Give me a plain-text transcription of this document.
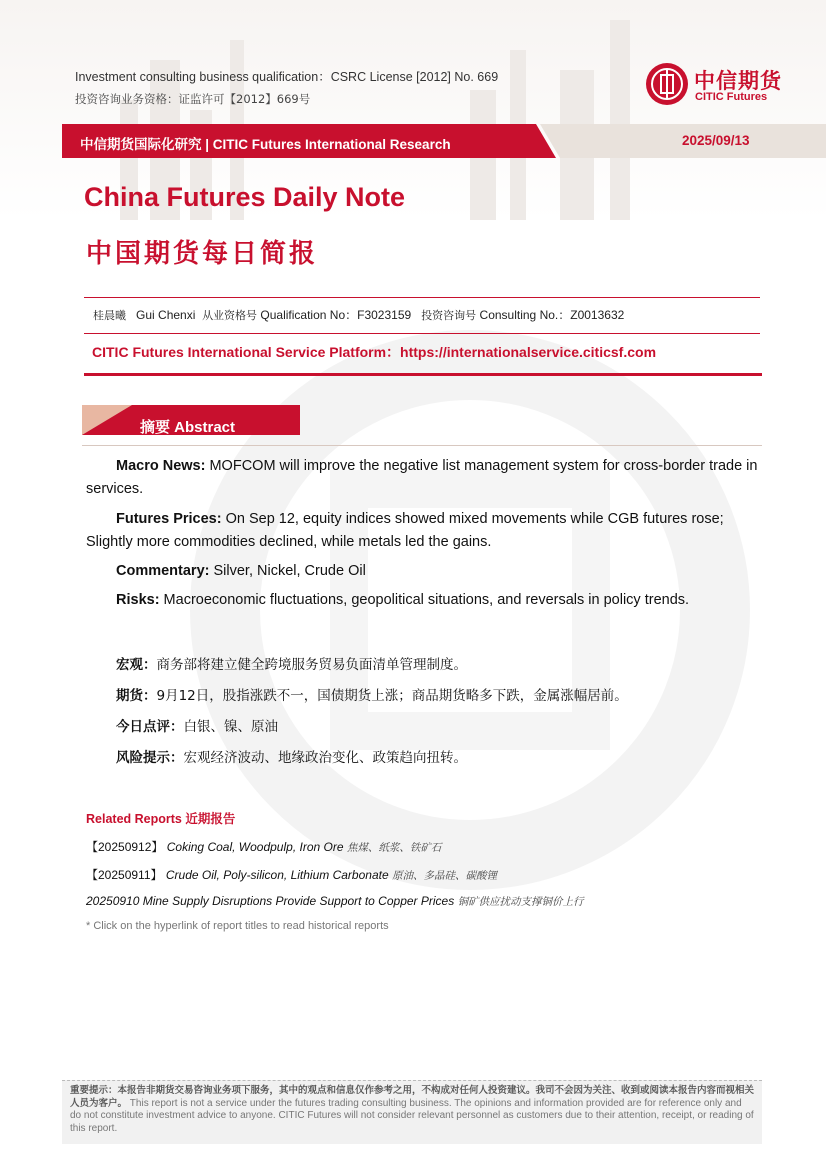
Investment consulting business qualification：CSRC License [2012] No. 669
投资咨询业务资格：证监许可【2012】669号
中信期货
CITIC Futures
中信期货国际化研究 | CITIC Futures International Research	2025/09/13
China Futures Daily Note
中国期货每日简报
桂晨曦 Gui Chenxi 从业资格号 Qualification No：F3023159 投资咨询号 Consulting No.：Z0013632
CITIC Futures International Service Platform：https://internationalservice.citicsf.com
摘要 Abstract
Macro News: MOFCOM will improve the negative list management system for cross-border trade in services.
Futures Prices: On Sep 12, equity indices showed mixed movements while CGB futures rose; Slightly more commodities declined, while metals led the gains.
Commentary: Silver, Nickel, Crude Oil
Risks: Macroeconomic fluctuations, geopolitical situations, and reversals in policy trends.
宏观：商务部将建立健全跨境服务贸易负面清单管理制度。
期货：9月12日，股指涨跌不一，国债期货上涨；商品期货略多下跌，金属涨幅居前。
今日点评：白银、镍、原油
风险提示：宏观经济波动、地缘政治变化、政策趋向扭转。
Related Reports 近期报告
【20250912】 Coking Coal, Woodpulp, Iron Ore 焦煤、纸浆、铁矿石
【20250911】 Crude Oil, Poly-silicon, Lithium Carbonate 原油、多晶硅、碳酸锂
20250910 Mine Supply Disruptions Provide Support to Copper Prices 铜矿供应扰动支撑铜价上行
* Click on the hyperlink of report titles to read historical reports
重要提示：本报告非期货交易咨询业务项下服务，其中的观点和信息仅作参考之用，不构成对任何人投资建议。我司不会因为关注、收到或阅读本报告内容而视相关人员为客户。 This report is not a service under the futures trading consulting business. The opinions and information provided are for reference only and do not constitute investment advice to anyone. CITIC Futures will not consider relevant personnel as customers due to their attention, receipt, or reading of this report.
